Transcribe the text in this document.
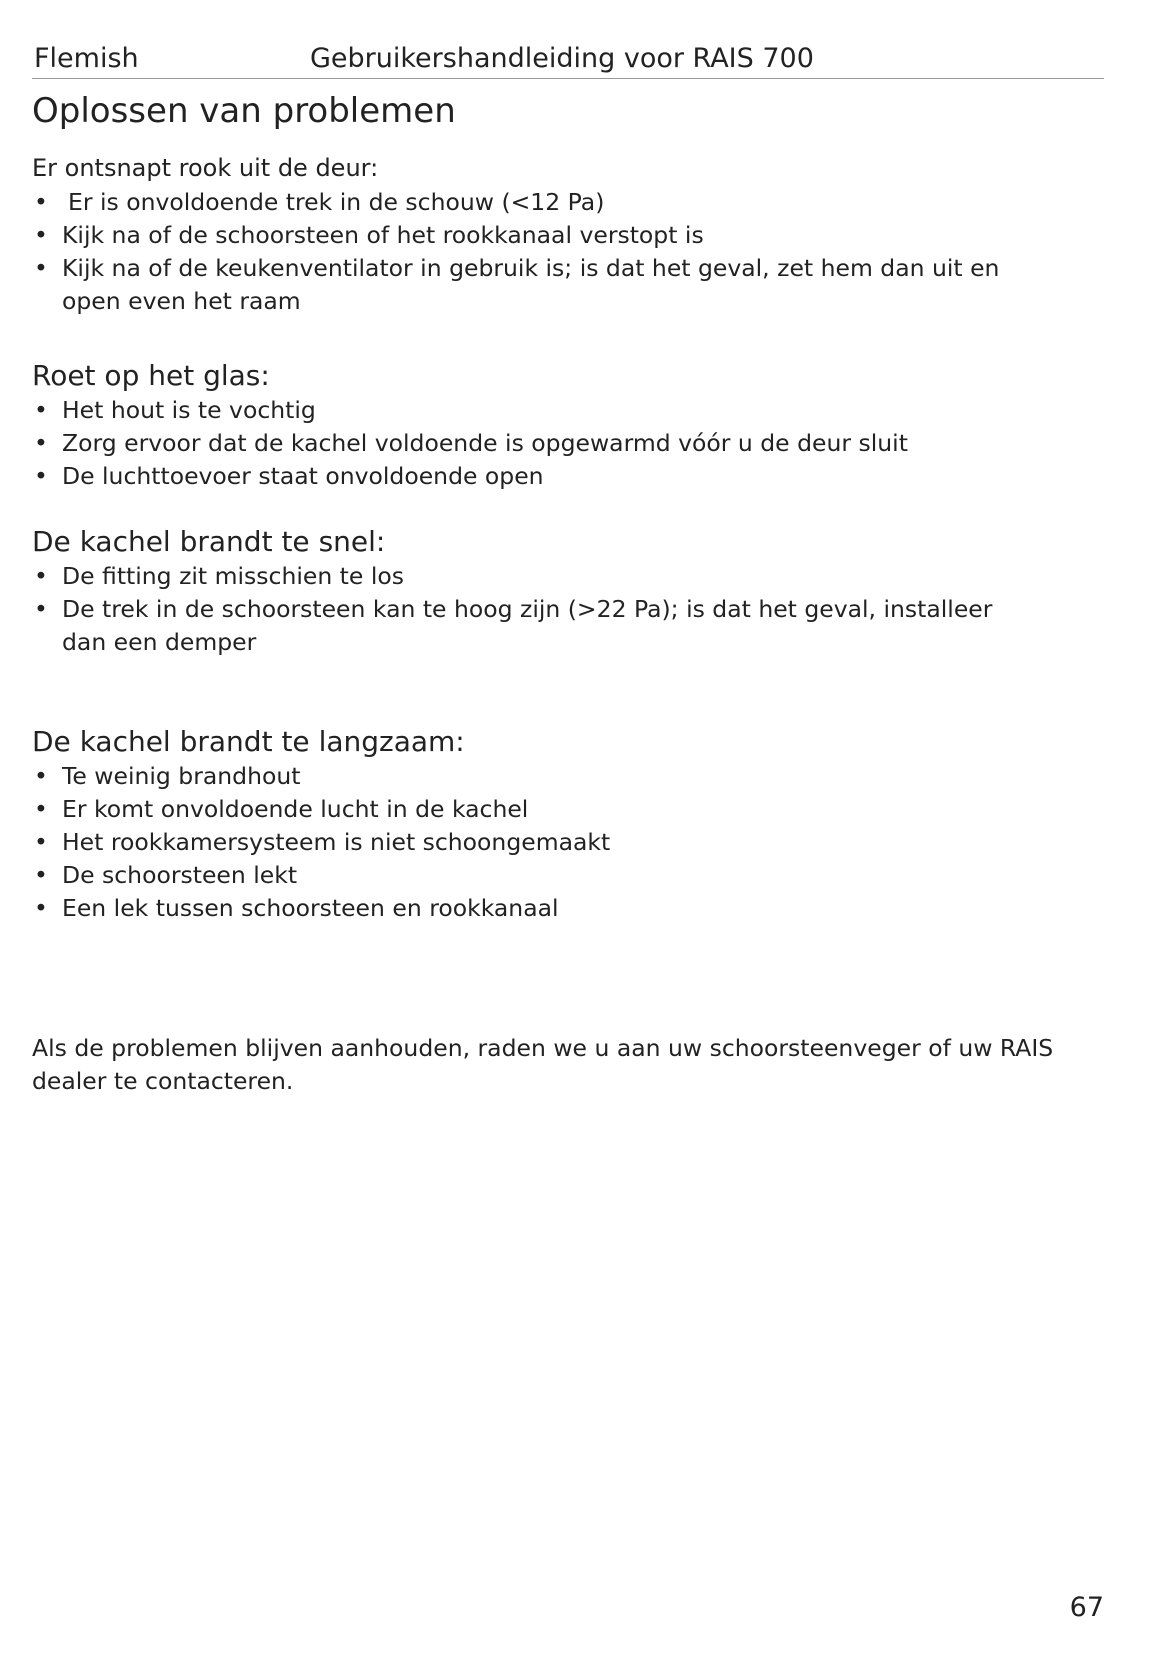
Flemish	Gebruikershandleiding voor RAIS 700
Oplossen van problemen
Er ontsnapt rook uit de deur:
• Er is onvoldoende trek in de schouw (<12 Pa)
• Kijk na of de schoorsteen of het rookkanaal verstopt is
• Kijk na of de keukenventilator in gebruik is; is dat het geval, zet hem dan uit en open even het raam
Roet op het glas:
• Het hout is te vochtig
• Zorg ervoor dat de kachel voldoende is opgewarmd vóór u de deur sluit
• De luchttoevoer staat onvoldoende open
De kachel brandt te snel:
• De fitting zit misschien te los
• De trek in de schoorsteen kan te hoog zijn (>22 Pa); is dat het geval, installeer dan een demper
De kachel brandt te langzaam:
• Te weinig brandhout
• Er komt onvoldoende lucht in de kachel
• Het rookkamersysteem is niet schoongemaakt
• De schoorsteen lekt
• Een lek tussen schoorsteen en rookkanaal

Als de problemen blijven aanhouden, raden we u aan uw schoorsteenveger of uw RAIS dealer te contacteren.

67
